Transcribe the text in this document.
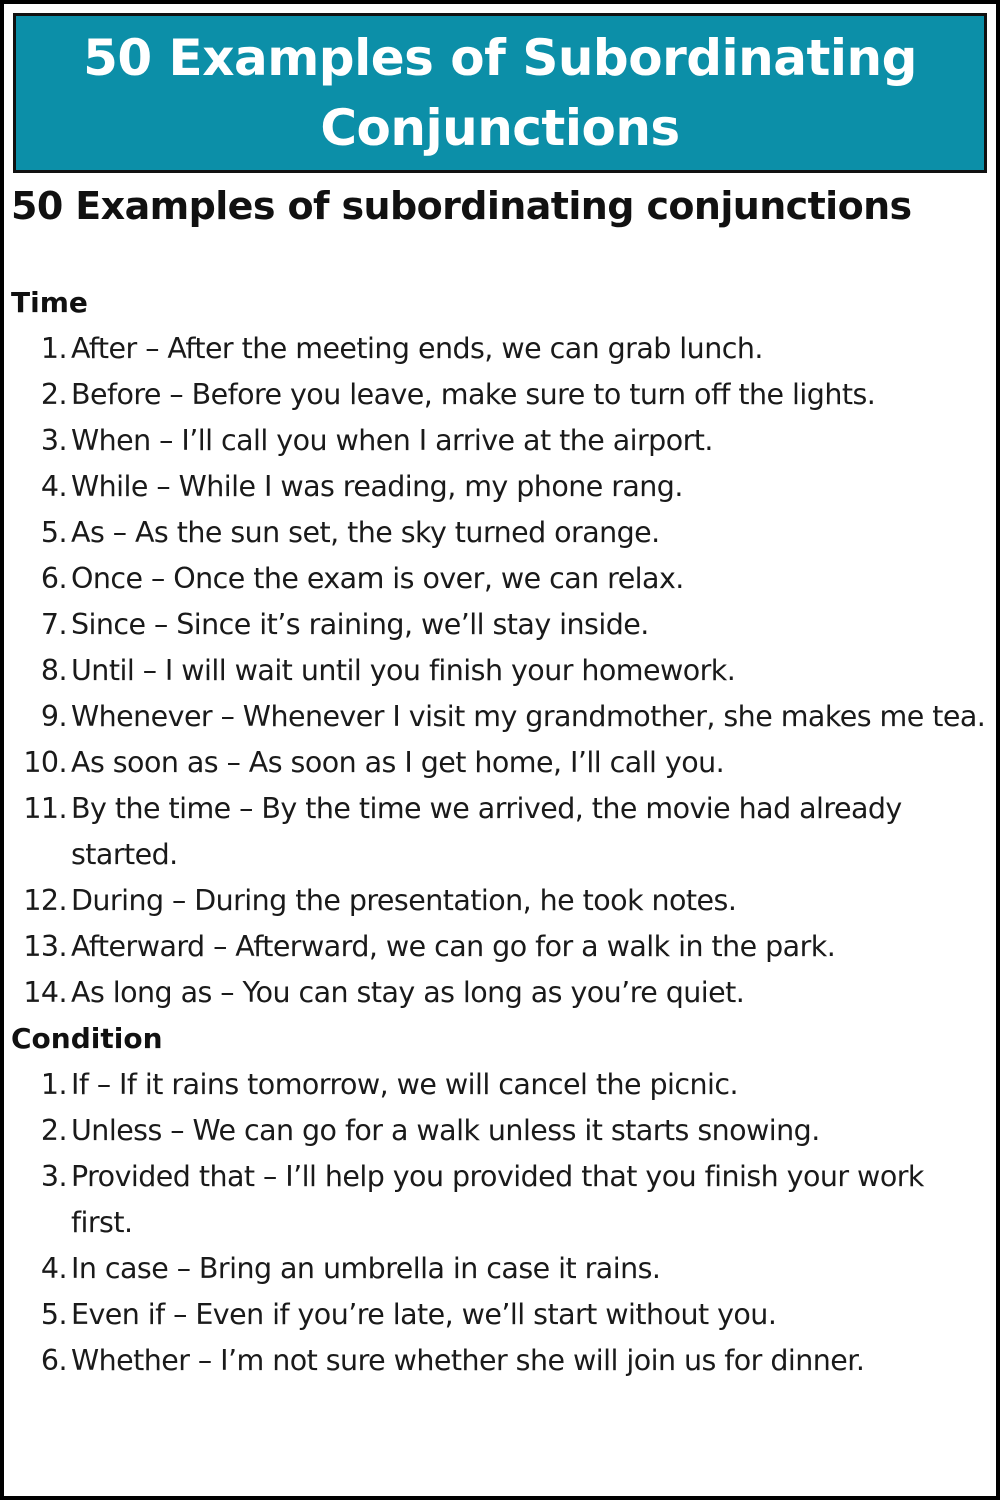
50 Examples of Subordinating Conjunctions
50 Examples of subordinating conjunctions
Time
1. After – After the meeting ends, we can grab lunch.
2. Before – Before you leave, make sure to turn off the lights.
3. When – I’ll call you when I arrive at the airport.
4. While – While I was reading, my phone rang.
5. As – As the sun set, the sky turned orange.
6. Once – Once the exam is over, we can relax.
7. Since – Since it’s raining, we’ll stay inside.
8. Until – I will wait until you finish your homework.
9. Whenever – Whenever I visit my grandmother, she makes me tea.
10. As soon as – As soon as I get home, I’ll call you.
11. By the time – By the time we arrived, the movie had already started.
12. During – During the presentation, he took notes.
13. Afterward – Afterward, we can go for a walk in the park.
14. As long as – You can stay as long as you’re quiet.
Condition
1. If – If it rains tomorrow, we will cancel the picnic.
2. Unless – We can go for a walk unless it starts snowing.
3. Provided that – I’ll help you provided that you finish your work first.
4. In case – Bring an umbrella in case it rains.
5. Even if – Even if you’re late, we’ll start without you.
6. Whether – I’m not sure whether she will join us for dinner.
